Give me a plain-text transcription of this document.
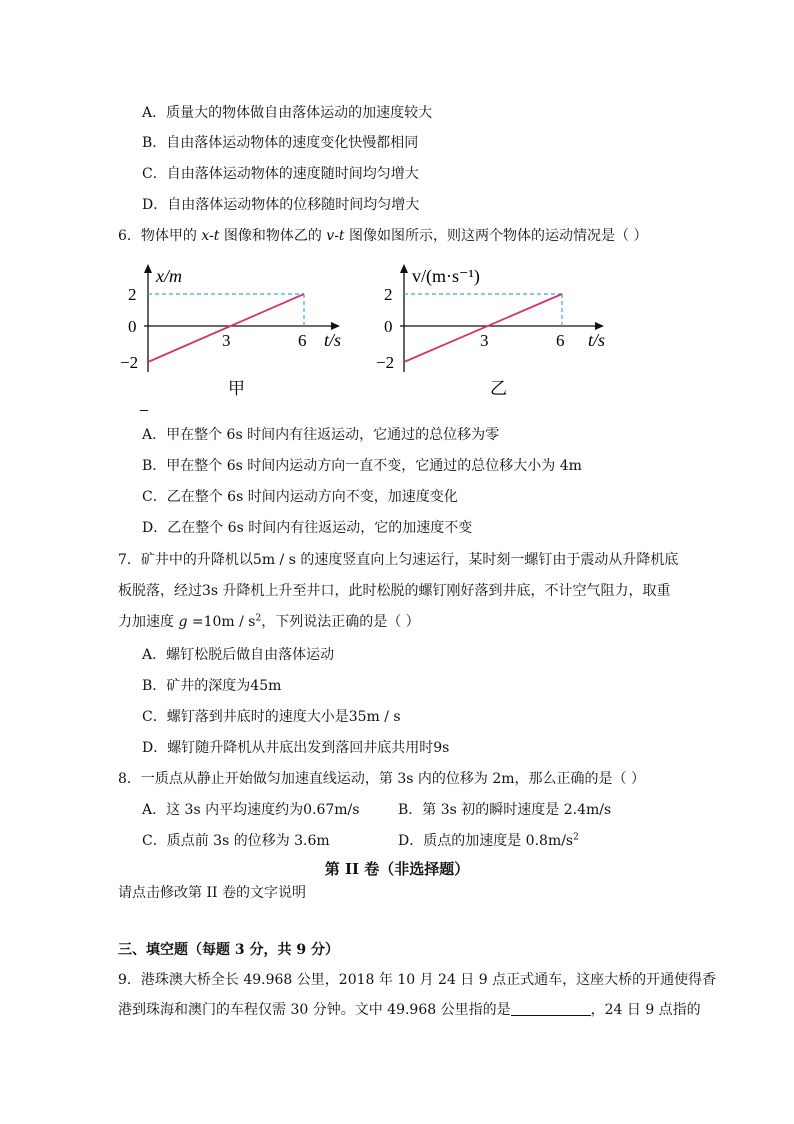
A．质量大的物体做自由落体运动的加速度较大
B．自由落体运动物体的速度变化快慢都相同
C．自由落体运动物体的速度随时间均匀增大
D．自由落体运动物体的位移随时间均匀增大
6．物体甲的 x-t 图像和物体乙的 v-t 图像如图所示，则这两个物体的运动情况是（ ）
x/m
2
0
−2
3	6 t/s
甲
v/(m·s⁻¹)
2
0
−2
3	6 t/s
乙
A．甲在整个 6s 时间内有往返运动，它通过的总位移为零
B．甲在整个 6s 时间内运动方向一直不变，它通过的总位移大小为 4m
C．乙在整个 6s 时间内运动方向不变，加速度变化
D．乙在整个 6s 时间内有往返运动，它的加速度不变
7．矿井中的升降机以5m / s 的速度竖直向上匀速运行，某时刻一螺钉由于震动从升降机底
板脱落，经过3s 升降机上升至井口，此时松脱的螺钉刚好落到井底，不计空气阻力，取重
力加速度 $g =10m / s^2$，下列说法正确的是（ ）
A．螺钉松脱后做自由落体运动
B．矿井的深度为45m
C．螺钉落到井底时的速度大小是35m / s
D．螺钉随升降机从井底出发到落回井底共用时9s
8．一质点从静止开始做匀加速直线运动，第 3s 内的位移为 2m，那么正确的是（ ）
A．这 3s 内平均速度约为0.67m/s	B．第 3s 初的瞬时速度是 2.4m/s
C．质点前 3s 的位移为 3.6m	D．质点的加速度是 $0.8m/s^2$
第 II 卷（非选择题）
请点击修改第 II 卷的文字说明
三、填空题（每题 3 分，共 9 分）
9．港珠澳大桥全长 49.968 公里，2018 年 10 月 24 日 9 点正式通车，这座大桥的开通使得香
港到珠海和澳门的车程仅需 30 分钟。文中 49.968 公里指的是	，24 日 9 点指的
